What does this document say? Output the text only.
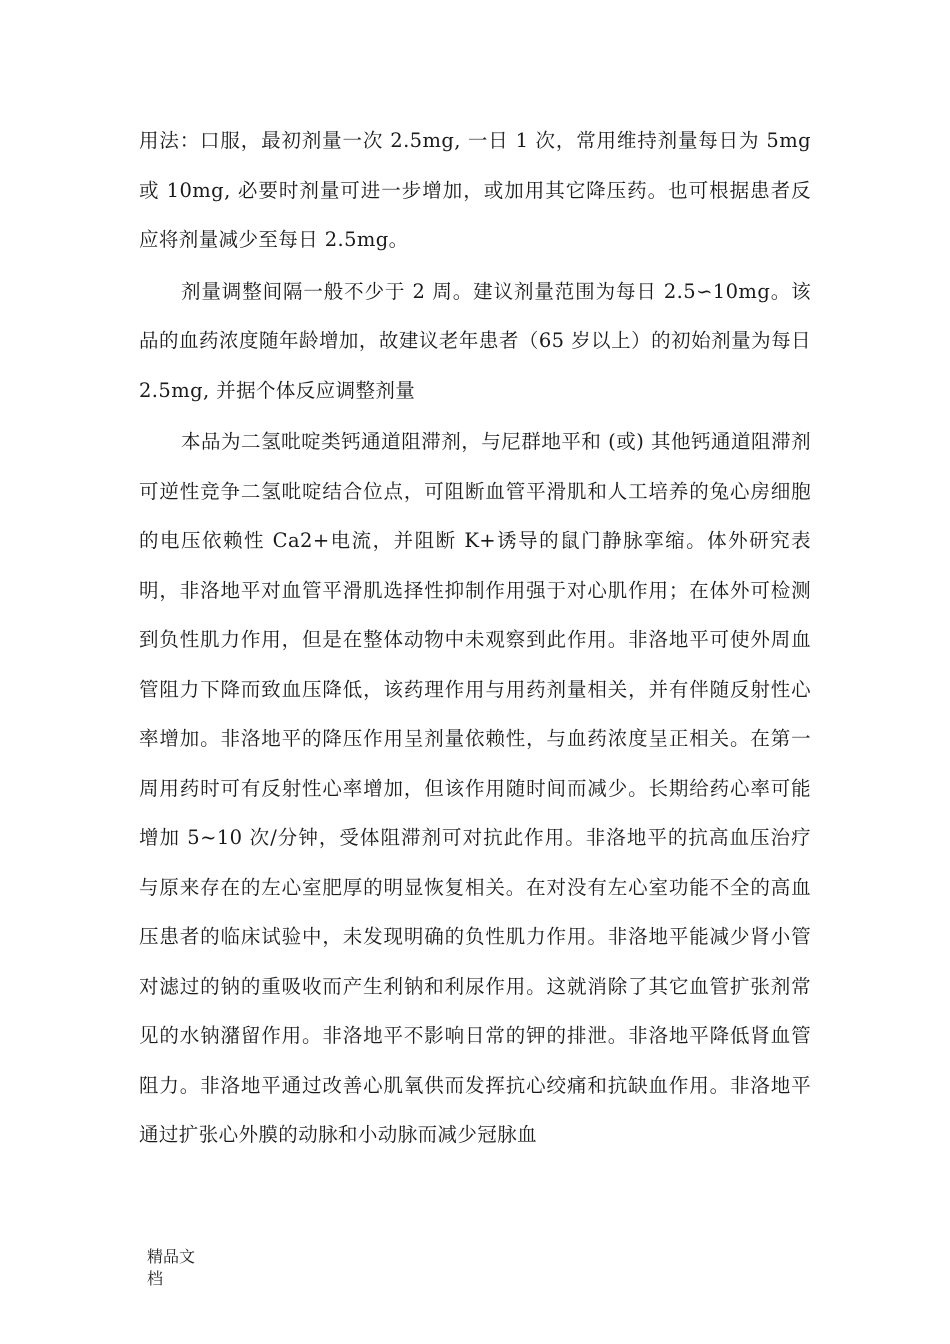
用法：口服，最初剂量一次 2.5mg, 一日 1 次，常用维持剂量每日为 5mg 或 10mg, 必要时剂量可进一步增加，或加用其它降压药。也可根据患者反应将剂量减少至每日 2.5mg。

剂量调整间隔一般不少于 2 周。建议剂量范围为每日 2.5∽10mg。该品的血药浓度随年龄增加，故建议老年患者（65 岁以上）的初始剂量为每日 2.5mg, 并据个体反应调整剂量

本品为二氢吡啶类钙通道阻滞剂，与尼群地平和 (或) 其他钙通道阻滞剂可逆性竞争二氢吡啶结合位点，可阻断血管平滑肌和人工培养的兔心房细胞的电压依赖性 Ca2+电流，并阻断 K+诱导的鼠门静脉挛缩。体外研究表明，非洛地平对血管平滑肌选择性抑制作用强于对心肌作用；在体外可检测到负性肌力作用，但是在整体动物中未观察到此作用。非洛地平可使外周血管阻力下降而致血压降低，该药理作用与用药剂量相关，并有伴随反射性心率增加。非洛地平的降压作用呈剂量依赖性，与血药浓度呈正相关。在第一周用药时可有反射性心率增加，但该作用随时间而减少。长期给药心率可能增加 5~10 次/分钟，受体阻滞剂可对抗此作用。非洛地平的抗高血压治疗与原来存在的左心室肥厚的明显恢复相关。在对没有左心室功能不全的高血压患者的临床试验中，未发现明确的负性肌力作用。非洛地平能减少肾小管对滤过的钠的重吸收而产生利钠和利尿作用。这就消除了其它血管扩张剂常见的水钠潴留作用。非洛地平不影响日常的钾的排泄。非洛地平降低肾血管阻力。非洛地平通过改善心肌氧供而发挥抗心绞痛和抗缺血作用。非洛地平通过扩张心外膜的动脉和小动脉而减少冠脉血

精品文档
